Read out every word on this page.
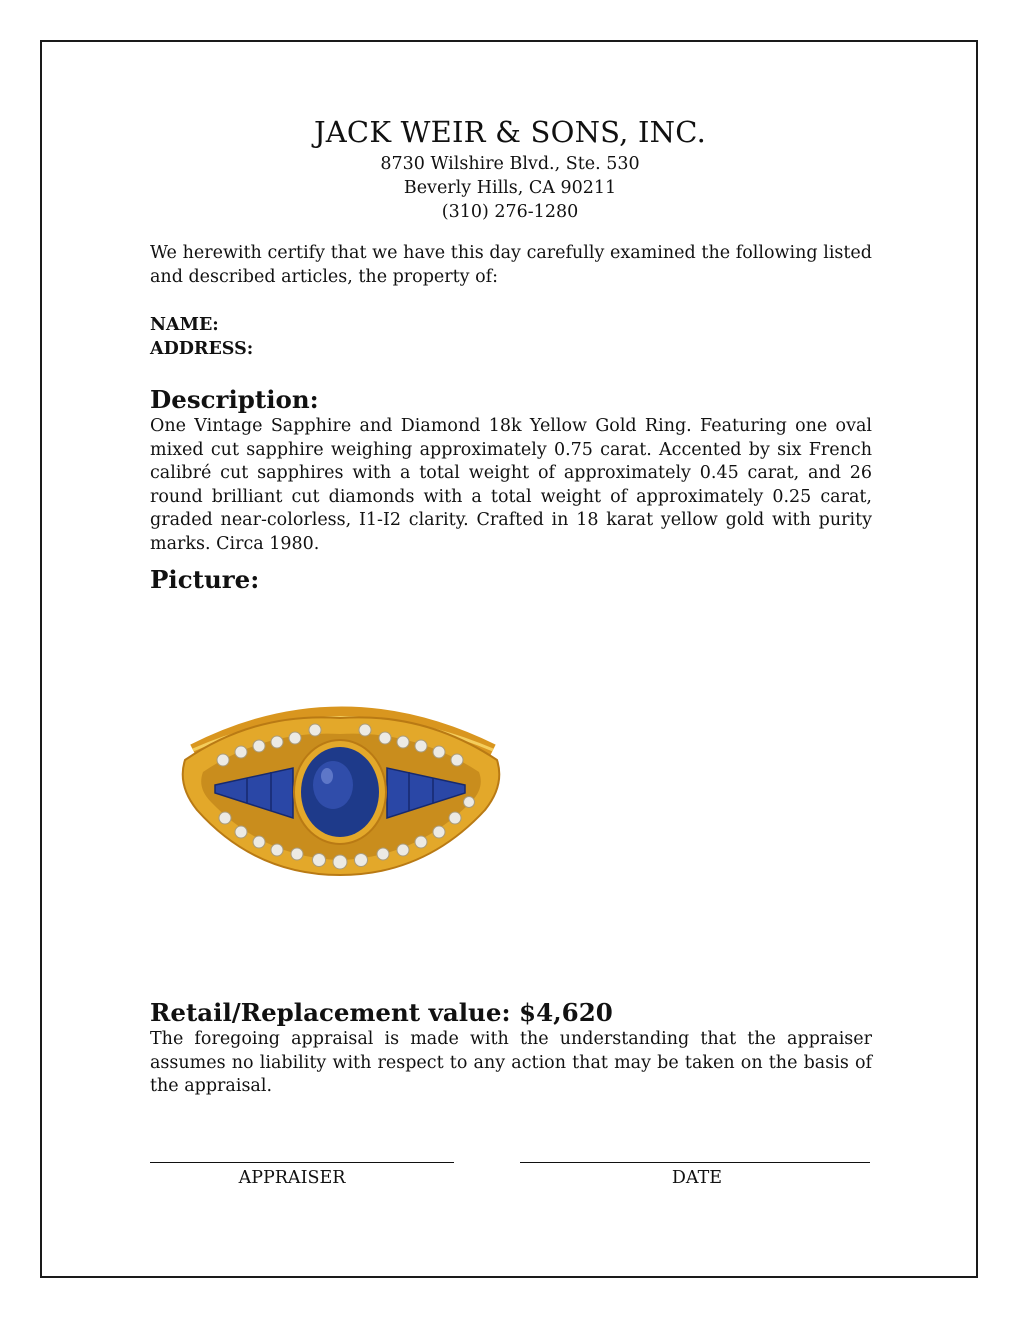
JACK WEIR & SONS, INC.
8730 Wilshire Blvd., Ste. 530
Beverly Hills, CA 90211
(310) 276-1280

We herewith certify that we have this day carefully examined the following listed and described articles, the property of:

NAME:
ADDRESS:
Description:

One Vintage Sapphire and Diamond 18k Yellow Gold Ring. Featuring one oval mixed cut sapphire weighing approximately 0.75 carat. Accented by six French calibré cut sapphires with a total weight of approximately 0.45 carat, and 26 round brilliant cut diamonds with a total weight of approximately 0.25 carat, graded near-colorless, I1-I2 clarity. Crafted in 18 karat yellow gold with purity marks. Circa 1980.

Picture:
Retail/Replacement value: $4,620

The foregoing appraisal is made with the understanding that the appraiser assumes no liability with respect to any action that may be taken on the basis of the appraisal.

APPRAISER	DATE
